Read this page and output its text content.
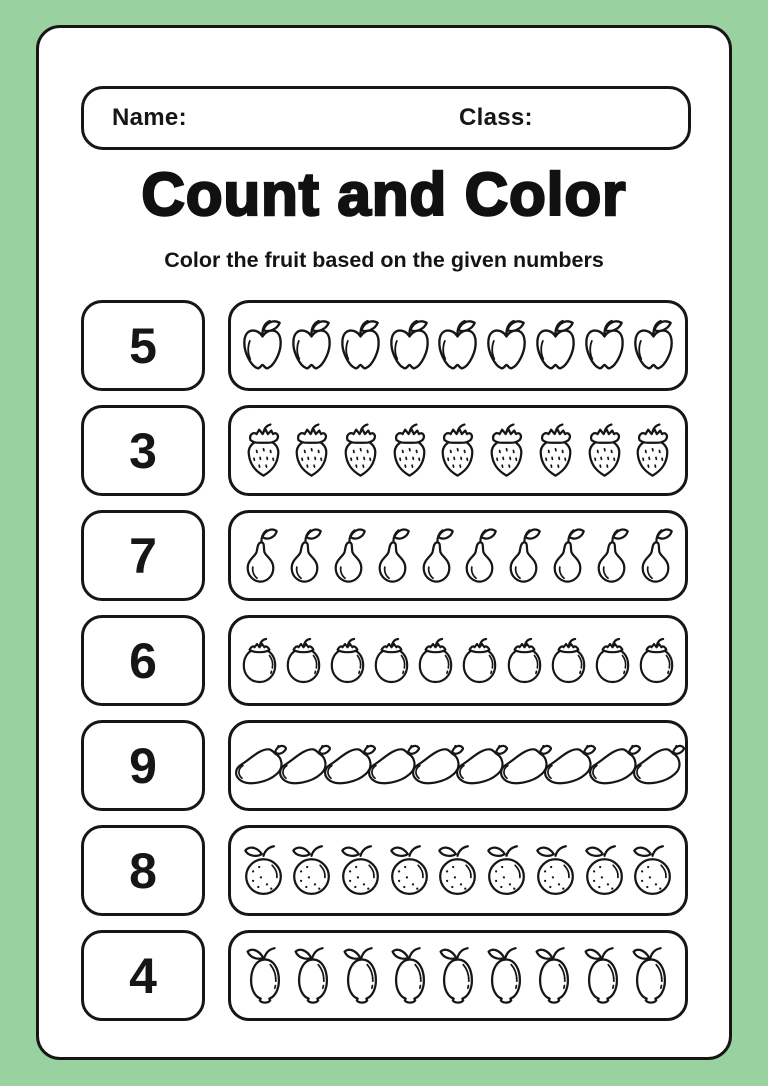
Name:	Class:
Count and Color

Color the fruit based on the given numbers

5
3
7
6
9
8
4
